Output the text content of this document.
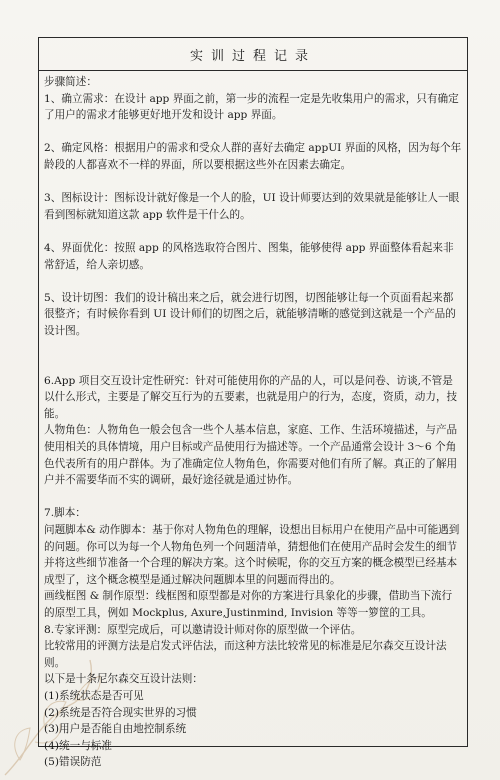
实训过程记录

步骤简述：

1、确立需求：在设计 app 界面之前，第一步的流程一定是先收集用户的需求，只有确定了用户的需求才能够更好地开发和设计 app 界面。

2、确定风格：根据用户的需求和受众人群的喜好去确定 appUI 界面的风格，因为每个年龄段的人都喜欢不一样的界面，所以要根据这些外在因素去确定。

3、图标设计：图标设计就好像是一个人的脸，UI 设计师要达到的效果就是能够让人一眼看到图标就知道这款 app 软件是干什么的。

4、界面优化：按照 app 的风格选取符合图片、图集，能够使得 app 界面整体看起来非常舒适，给人亲切感。

5、设计切图：我们的设计稿出来之后，就会进行切图，切图能够让每一个页面看起来都很整齐；有时候你看到 UI 设计师们的切图之后，就能够清晰的感觉到这就是一个产品的设计图。

6.App 项目交互设计定性研究：针对可能使用你的产品的人，可以是问卷、访谈,不管是以什么形式，主要是了解交互行为的五要素，也就是用户的行为，态度，资质，动力，技能。

人物角色：人物角色一般会包含一些个人基本信息，家庭、工作、生活环境描述，与产品使用相关的具体情境，用户目标或产品使用行为描述等。一个产品通常会设计 3～6 个角色代表所有的用户群体。为了准确定位人物角色，你需要对他们有所了解。真正的了解用户并不需要华而不实的调研，最好途径就是通过协作。

7.脚本：

问题脚本& 动作脚本：基于你对人物角色的理解，设想出目标用户在使用产品中可能遇到的问题。你可以为每一个人物角色列一个问题清单，猜想他们在使用产品时会发生的细节并将这些细节准备一个合理的解决方案。这个时候呢，你的交互方案的概念模型已经基本成型了，这个概念模型是通过解决问题脚本里的问题而得出的。

画线框图 & 制作原型：线框图和原型都是对你的方案进行具象化的步骤，借助当下流行的原型工具，例如 Mockplus, Axure,Justinmind, Invision 等等一箩筐的工具。

8.专家评测：原型完成后，可以邀请设计师对你的原型做一个评估。

比较常用的评测方法是启发式评估法，而这种方法比较常见的标准是尼尔森交互设计法则。

以下是十条尼尔森交互设计法则：

(1)系统状态是否可见

(2)系统是否符合现实世界的习惯

(3)用户是否能自由地控制系统

(4)统一与标准

(5)错误防范
